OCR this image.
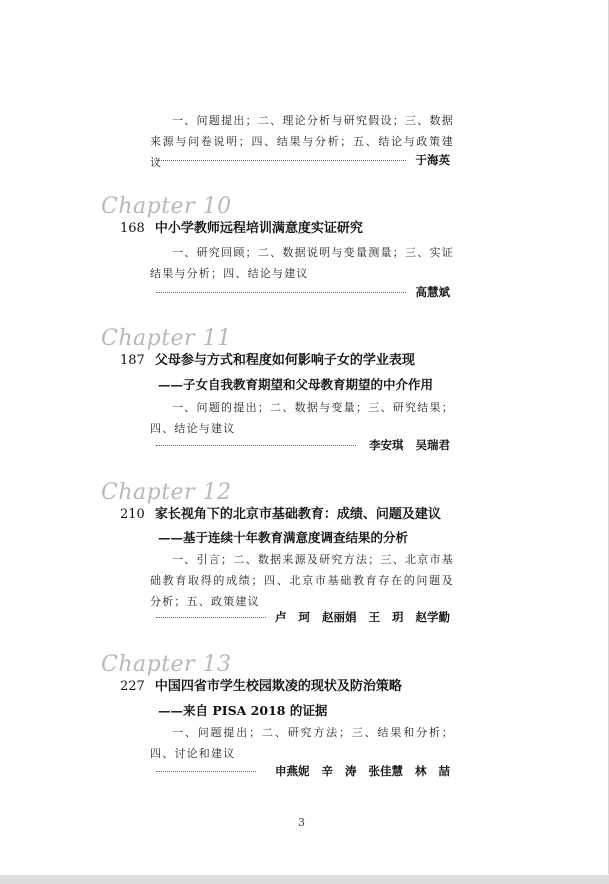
一、问题提出；二、理论分析与研究假设；三、数据来源与问卷说明；四、结果与分析；五、结论与政策建议	于海英
Chapter 10
168 中小学教师远程培训满意度实证研究

一、研究回顾；二、数据说明与变量测量；三、实证结果与分析；四、结论与建议

高慧斌
Chapter 11
187 父母参与方式和程度如何影响子女的学业表现
——子女自我教育期望和父母教育期望的中介作用

一、问题的提出；二、数据与变量；三、研究结果；四、结论与建议

李安琪 吴瑞君
Chapter 12
210 家长视角下的北京市基础教育：成绩、问题及建议
——基于连续十年教育满意度调查结果的分析

一、引言；二、数据来源及研究方法；三、北京市基础教育取得的成绩；四、北京市基础教育存在的问题及分析；五、政策建议

卢 珂 赵丽娟 王 玥 赵学勤
Chapter 13
227 中国四省市学生校园欺凌的现状及防治策略
——来自 PISA 2018 的证据

一、问题提出；二、研究方法；三、结果和分析；四、讨论和建议

申燕妮 辛 涛 张佳慧 林 喆
3
